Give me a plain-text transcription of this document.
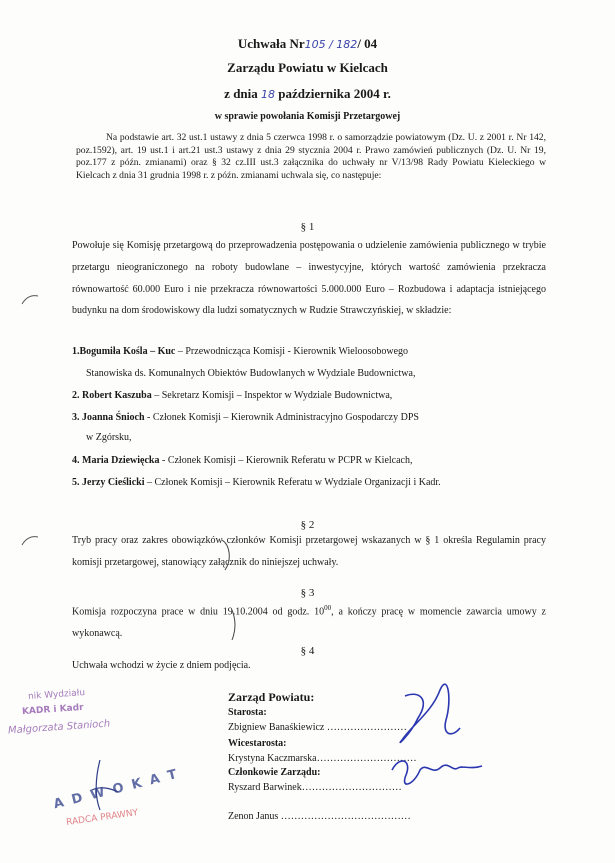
Uchwała Nr105 / 182/ 04
Zarządu Powiatu w Kielcach
z dnia 18 października 2004 r.
w sprawie powołania Komisji Przetargowej

Na podstawie art. 32 ust.1 ustawy z dnia 5 czerwca 1998 r. o samorządzie powiatowym (Dz. U. z 2001 r. Nr 142, poz.1592), art. 19 ust.1 i art.21 ust.3 ustawy z dnia 29 stycznia 2004 r. Prawo zamówień publicznych (Dz. U. Nr 19, poz.177 z późn. zmianami) oraz § 32 cz.III ust.3 załącznika do uchwały nr V/13/98 Rady Powiatu Kieleckiego w Kielcach z dnia 31 grudnia 1998 r. z późn. zmianami uchwala się, co następuje:

§ 1

Powołuje się Komisję przetargową do przeprowadzenia postępowania o udzielenie zamówienia publicznego w trybie przetargu nieograniczonego na roboty budowlane – inwestycyjne, których wartość zamówienia przekracza równowartość 60.000 Euro i nie przekracza równowartości 5.000.000 Euro – Rozbudowa i adaptacja istniejącego budynku na dom środowiskowy dla ludzi somatycznych w Rudzie Strawczyńskiej, w składzie:

1.Bogumiła Kośla – Kuc – Przewodnicząca Komisji - Kierownik Wieloosobowego
Stanowiska ds. Komunalnych Obiektów Budowlanych w Wydziale Budownictwa,
2. Robert Kaszuba – Sekretarz Komisji – Inspektor w Wydziale Budownictwa,
3. Joanna Śnioch - Członek Komisji – Kierownik Administracyjno Gospodarczy DPS
w Zgórsku,
4. Maria Dziewięcka - Członek Komisji – Kierownik Referatu w PCPR w Kielcach,
5. Jerzy Cieślicki – Członek Komisji – Kierownik Referatu w Wydziale Organizacji i Kadr.
§ 2

Tryb pracy oraz zakres obowiązków członków Komisji przetargowej wskazanych w § 1 określa Regulamin pracy komisji przetargowej, stanowiący załącznik do niniejszej uchwały.

§ 3

Komisja rozpoczyna prace w dniu 19.10.2004 od godz. $10^{00}$, a kończy pracę w momencie zawarcia umowy z wykonawcą.

§ 4
Uchwała wchodzi w życie z dniem podjęcia.
Zarząd Powiatu:
Starosta:
Zbigniew Banaśkiewicz ……………………
Wicestarosta:
Krystyna Kaczmarska…………………………
Członkowie Zarządu:
Ryszard Barwinek…………………………
Zenon Janus …………………………………
nik Wydziału
KADR i Kadr
Małgorzata Stanioch
A D W O K A T
RADCA PRAWNY
